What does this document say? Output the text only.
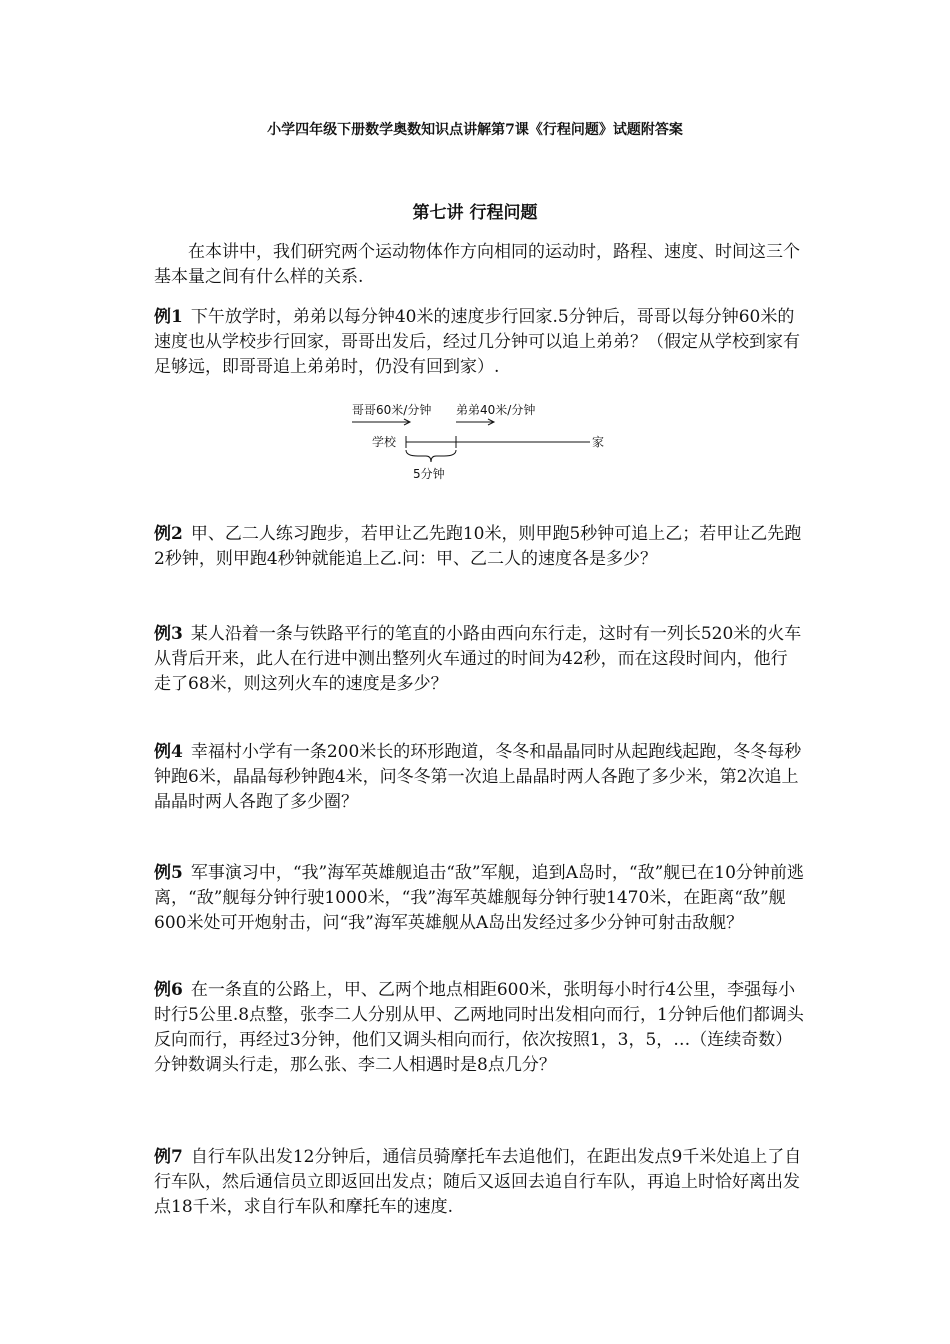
小学四年级下册数学奥数知识点讲解第7课《行程问题》试题附答案
第七讲 行程问题

在本讲中，我们研究两个运动物体作方向相同的运动时，路程、速度、时间这三个基本量之间有什么样的关系.

例1 下午放学时，弟弟以每分钟40米的速度步行回家.5分钟后，哥哥以每分钟60米的速度也从学校步行回家，哥哥出发后，经过几分钟可以追上弟弟？（假定从学校到家有足够远，即哥哥追上弟弟时，仍没有回到家）.

哥哥60米/分钟 弟弟40米/分钟
学校	家
5分钟

例2 甲、乙二人练习跑步，若甲让乙先跑10米，则甲跑5秒钟可追上乙；若甲让乙先跑2秒钟，则甲跑4秒钟就能追上乙.问：甲、乙二人的速度各是多少？

例3 某人沿着一条与铁路平行的笔直的小路由西向东行走，这时有一列长520米的火车从背后开来，此人在行进中测出整列火车通过的时间为42秒，而在这段时间内，他行走了68米，则这列火车的速度是多少？

例4 幸福村小学有一条200米长的环形跑道，冬冬和晶晶同时从起跑线起跑，冬冬每秒钟跑6米，晶晶每秒钟跑4米，问冬冬第一次追上晶晶时两人各跑了多少米，第2次追上晶晶时两人各跑了多少圈？

例5 军事演习中，“我”海军英雄舰追击“敌”军舰，追到A岛时，“敌”舰已在10分钟前逃离，“敌”舰每分钟行驶1000米，“我”海军英雄舰每分钟行驶1470米，在距离“敌”舰600米处可开炮射击，问“我”海军英雄舰从A岛出发经过多少分钟可射击敌舰？

例6 在一条直的公路上，甲、乙两个地点相距600米，张明每小时行4公里，李强每小时行5公里.8点整，张李二人分别从甲、乙两地同时出发相向而行，1分钟后他们都调头反向而行，再经过3分钟，他们又调头相向而行，依次按照1，3，5，…（连续奇数）分钟数调头行走，那么张、李二人相遇时是8点几分？

例7 自行车队出发12分钟后，通信员骑摩托车去追他们，在距出发点9千米处追上了自行车队，然后通信员立即返回出发点；随后又返回去追自行车队，再追上时恰好离出发点18千米，求自行车队和摩托车的速度.
